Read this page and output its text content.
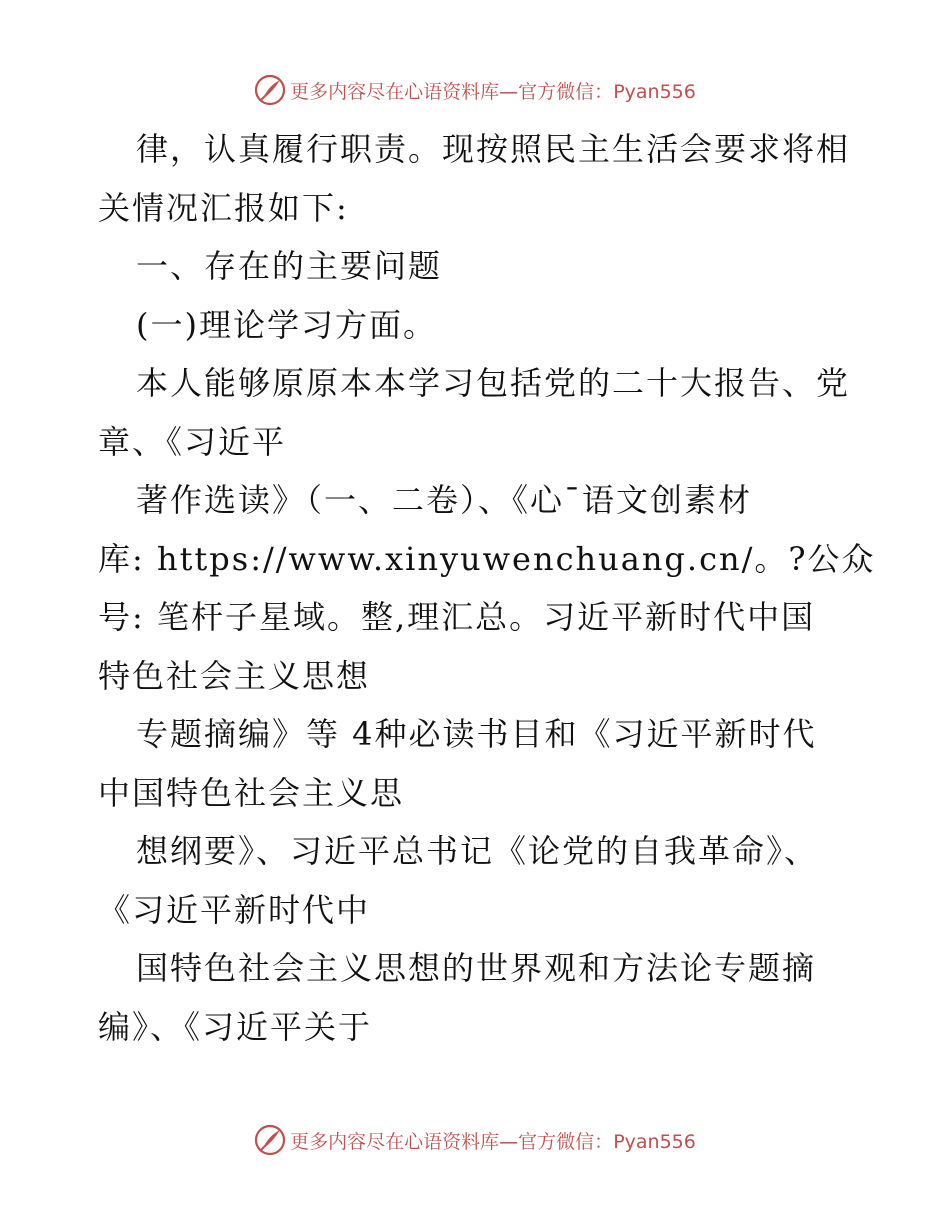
更多内容尽在心语资料库—官方微信：Pyan556
律，认真履行职责。现按照民主生活会要求将相
关情况汇报如下:
一、存在的主要问题
(一)理论学习方面。
本人能够原原本本学习包括党的二十大报告、党
章、《习近平
著作选读》（一、二卷）、《心¯语文创素材
库: https://www.xinyuwenchuang.cn/。?公众
号: 笔杆子星域。整,理汇总。习近平新时代中国
特色社会主义思想
专题摘编》等 4种必读书目和《习近平新时代
中国特色社会主义思
想纲要》、习近平总书记《论党的自我革命》、
《习近平新时代中
国特色社会主义思想的世界观和方法论专题摘
编》、《习近平关于
更多内容尽在心语资料库—官方微信：Pyan556
